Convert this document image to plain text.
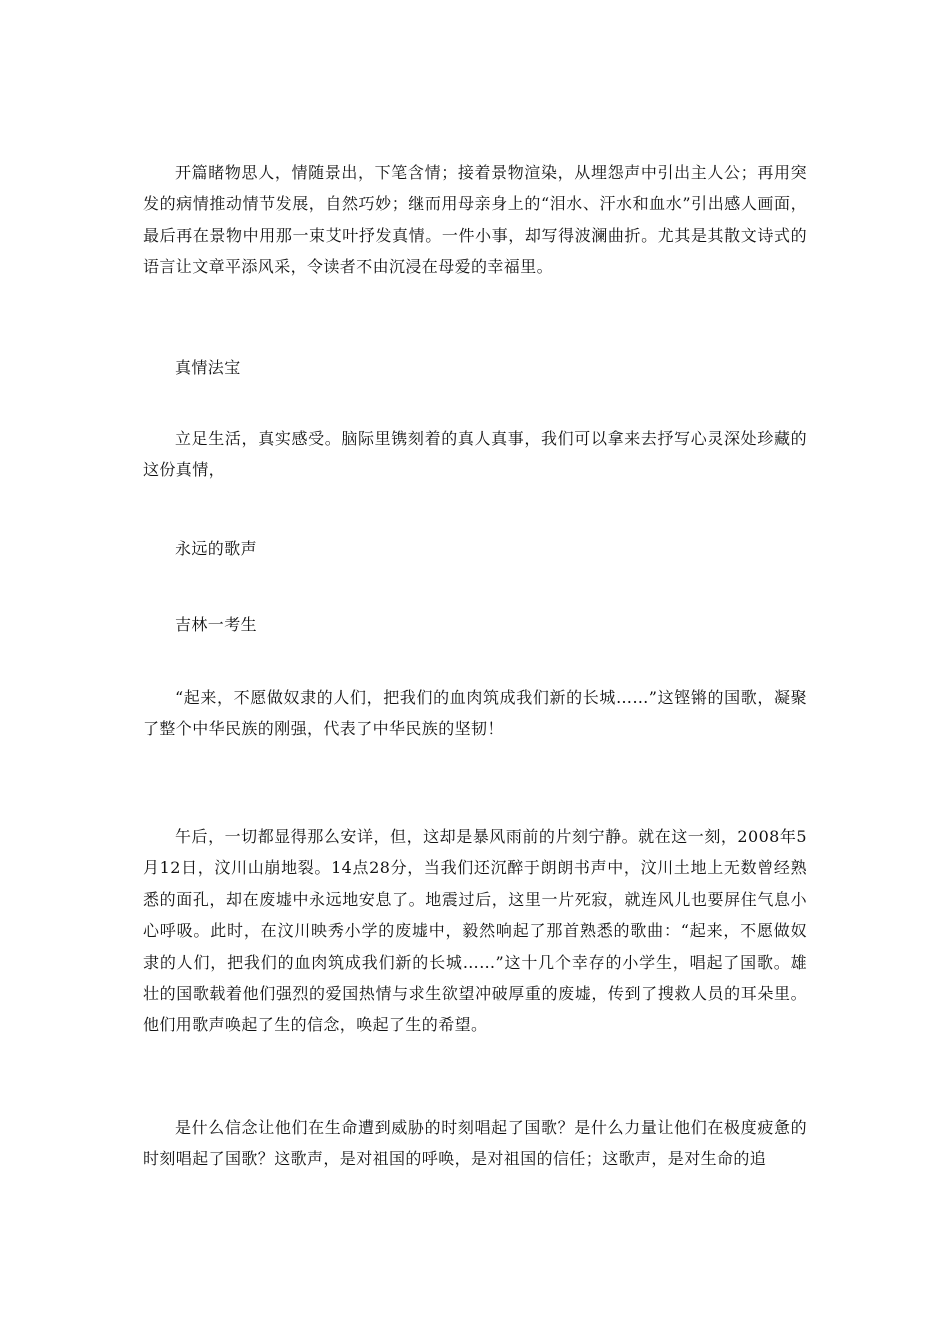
开篇睹物思人，情随景出，下笔含情；接着景物渲染，从埋怨声中引出主人公；再用突发的病情推动情节发展，自然巧妙；继而用母亲身上的“泪水、汗水和血水”引出感人画面，最后再在景物中用那一束艾叶抒发真情。一件小事，却写得波澜曲折。尤其是其散文诗式的语言让文章平添风采，令读者不由沉浸在母爱的幸福里。

真情法宝

立足生活，真实感受。脑际里镌刻着的真人真事，我们可以拿来去抒写心灵深处珍藏的这份真情，

永远的歌声

吉林一考生

“起来，不愿做奴隶的人们，把我们的血肉筑成我们新的长城……”这铿锵的国歌，凝聚了整个中华民族的刚强，代表了中华民族的坚韧！

午后，一切都显得那么安详，但，这却是暴风雨前的片刻宁静。就在这一刻，2008年5月12日，汶川山崩地裂。14点28分，当我们还沉醉于朗朗书声中，汶川土地上无数曾经熟悉的面孔，却在废墟中永远地安息了。地震过后，这里一片死寂，就连风儿也要屏住气息小心呼吸。此时，在汶川映秀小学的废墟中，毅然响起了那首熟悉的歌曲：“起来，不愿做奴隶的人们，把我们的血肉筑成我们新的长城……”这十几个幸存的小学生，唱起了国歌。雄壮的国歌载着他们强烈的爱国热情与求生欲望冲破厚重的废墟，传到了搜救人员的耳朵里。他们用歌声唤起了生的信念，唤起了生的希望。

是什么信念让他们在生命遭到威胁的时刻唱起了国歌？是什么力量让他们在极度疲惫的时刻唱起了国歌？这歌声，是对祖国的呼唤，是对祖国的信任；这歌声，是对生命的追
